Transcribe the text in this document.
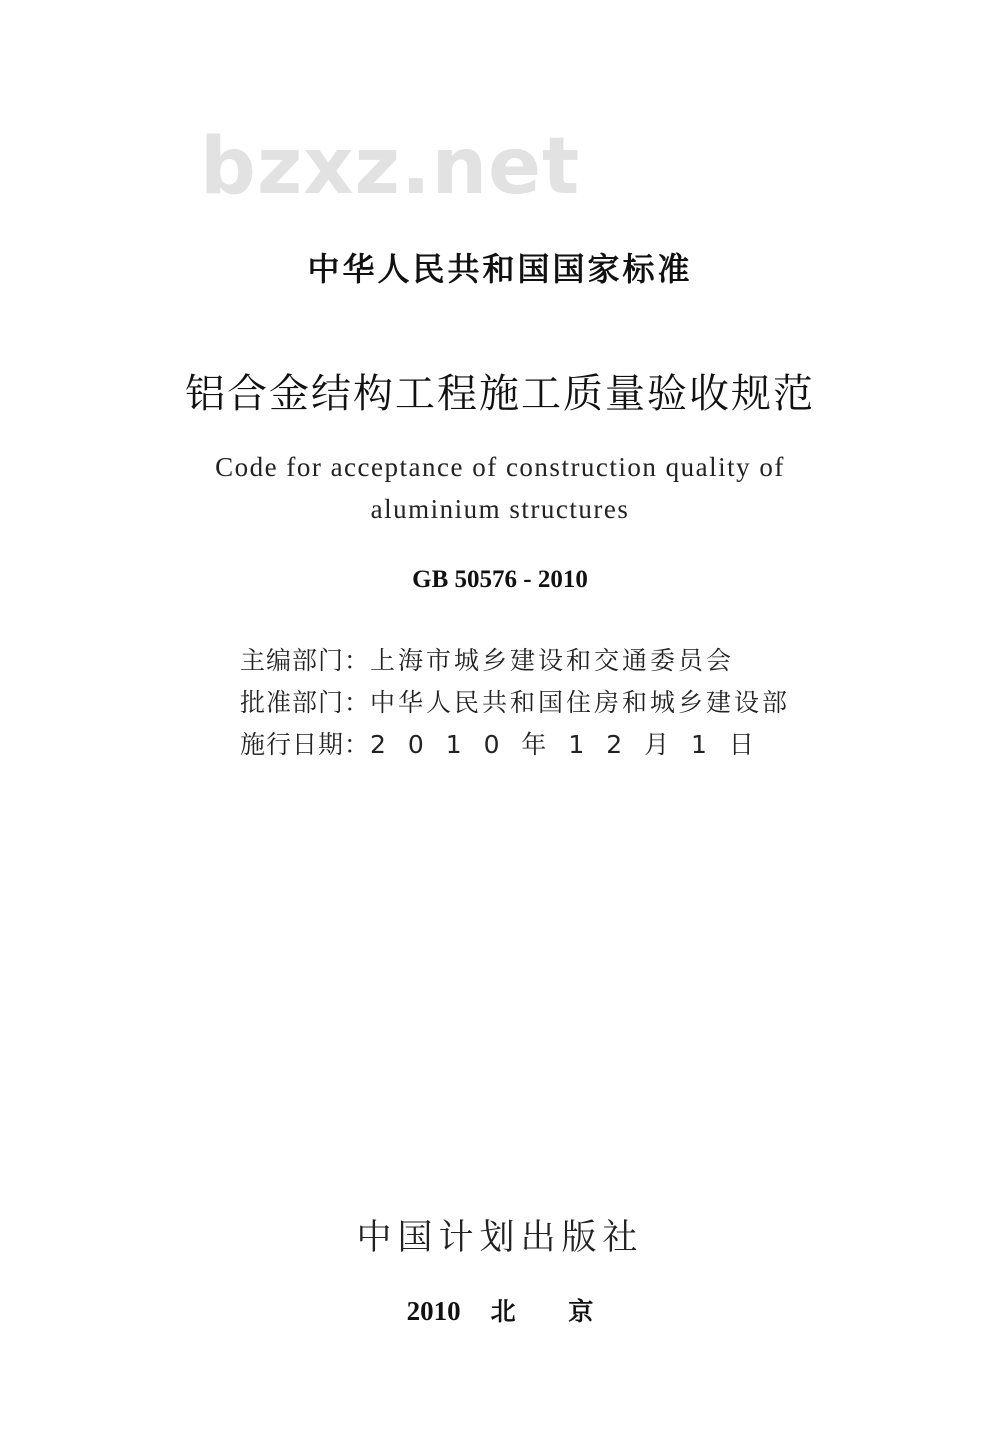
bzxz.net
中华人民共和国国家标准
铝合金结构工程施工质量验收规范
Code for acceptance of construction quality of
aluminium structures
GB 50576 - 2010
主编部门： 上海市城乡建设和交通委员会
批准部门： 中华人民共和国住房和城乡建设部
施行日期： 2 0 1 0 年 1 2 月 1 日
中国计划出版社
2010 北 京
